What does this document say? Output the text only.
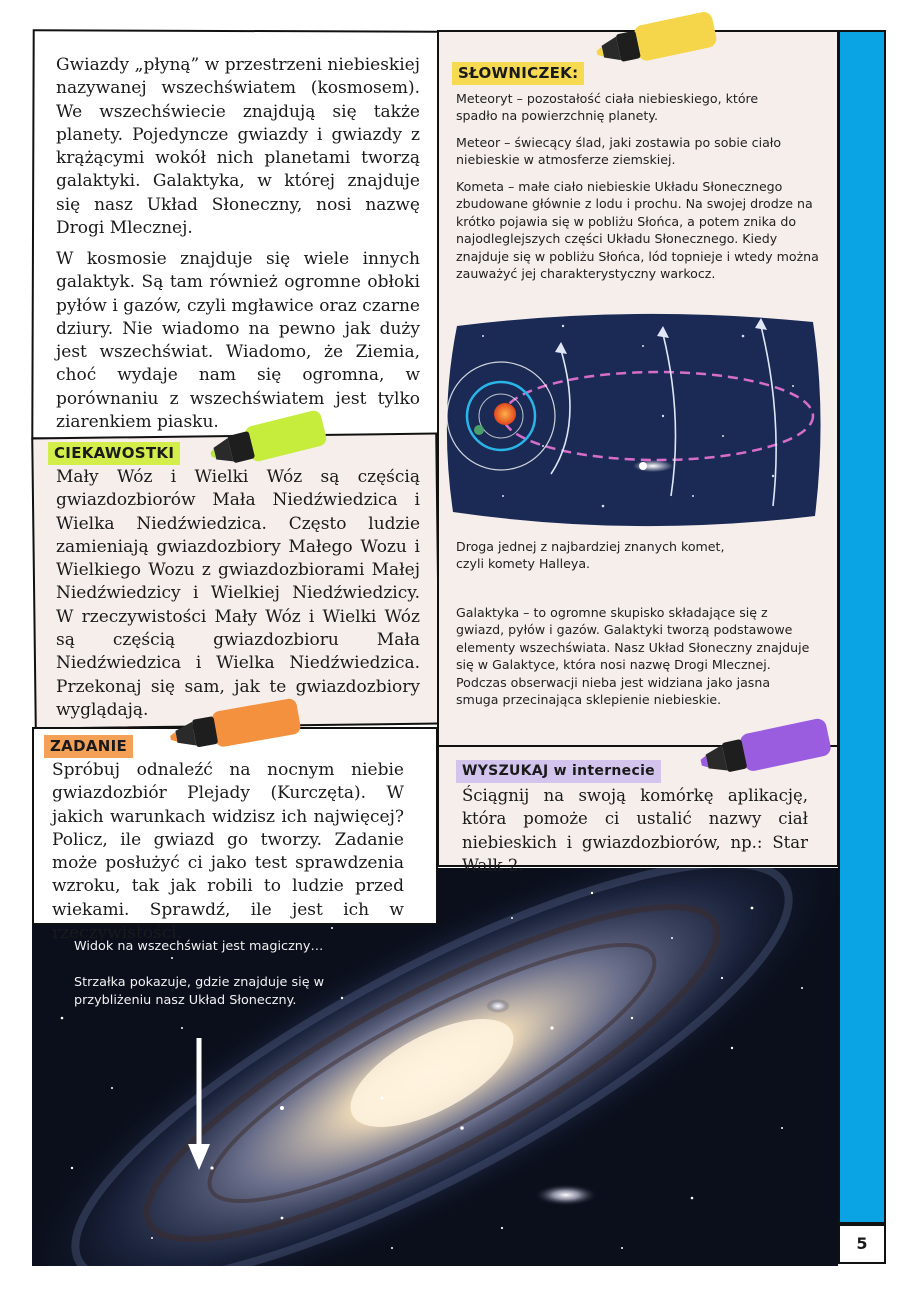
5
Widok na wszechświat jest magiczny…
Strzałka pokazuje, gdzie znajduje się w przybliżeniu nasz Układ Słoneczny.
Gwiazdy „płyną” w przestrzeni niebieskiej nazywanej wszechświatem (kosmosem). We wszechświecie znajdują się także planety. Pojedyncze gwiazdy i gwiazdy z krążącymi wokół nich planetami tworzą galaktyki. Galaktyka, w której znajduje się nasz Układ Słoneczny, nosi nazwę Drogi Mlecznej.
W kosmosie znajduje się wiele innych galaktyk. Są tam również ogromne obłoki pyłów i gazów, czyli mgławice oraz czarne dziury. Nie wiadomo na pewno jak duży jest wszechświat. Wiadomo, że Ziemia, choć wydaje nam się ogromna, w porównaniu z wszechświatem jest tylko ziarenkiem piasku.
CIEKAWOSTKI
Mały Wóz i Wielki Wóz są częścią gwiazdozbiorów Mała Niedźwiedzica i Wielka Niedźwiedzica. Często ludzie zamieniają gwiazdozbiory Małego Wozu i Wielkiego Wozu z gwiazdozbiorami Małej Niedźwiedzicy i Wielkiej Niedźwiedzicy. W rzeczywistości Mały Wóz i Wielki Wóz są częścią gwiazdozbioru Mała Niedźwiedzica i Wielka Niedźwiedzica. Przekonaj się sam, jak te gwiazdozbiory wyglądają.
ZADANIE
Spróbuj odnaleźć na nocnym niebie gwiazdozbiór Plejady (Kurczęta). W jakich warunkach widzisz ich najwięcej? Policz, ile gwiazd go tworzy. Zadanie może posłużyć ci jako test sprawdzenia wzroku, tak jak robili to ludzie przed wiekami. Sprawdź, ile jest ich w rzeczywistości.
SŁOWNICZEK:
Meteoryt – pozostałość ciała niebieskiego, które spadło na powierzchnię planety.
Meteor – świecący ślad, jaki zostawia po sobie ciało niebieskie w atmosferze ziemskiej.
Kometa – małe ciało niebieskie Układu Słonecznego zbudowane głównie z lodu i prochu. Na swojej drodze na krótko pojawia się w pobliżu Słońca, a potem znika do najodleglejszych części Układu Słonecznego. Kiedy znajduje się w pobliżu Słońca, lód topnieje i wtedy można zauważyć jej charakterystyczny warkocz.
Droga jednej z najbardziej znanych komet, czyli komety Halleya.
Galaktyka – to ogromne skupisko składające się z gwiazd, pyłów i gazów. Galaktyki tworzą podstawowe elementy wszechświata. Nasz Układ Słoneczny znajduje się w Galaktyce, która nosi nazwę Drogi Mlecznej. Podczas obserwacji nieba jest widziana jako jasna smuga przecinająca sklepienie niebieskie.
WYSZUKAJ w internecie
Ściągnij na swoją komórkę aplikację, która pomoże ci ustalić nazwy ciał niebieskich i gwiazdozbiorów, np.: Star Walk 2.
